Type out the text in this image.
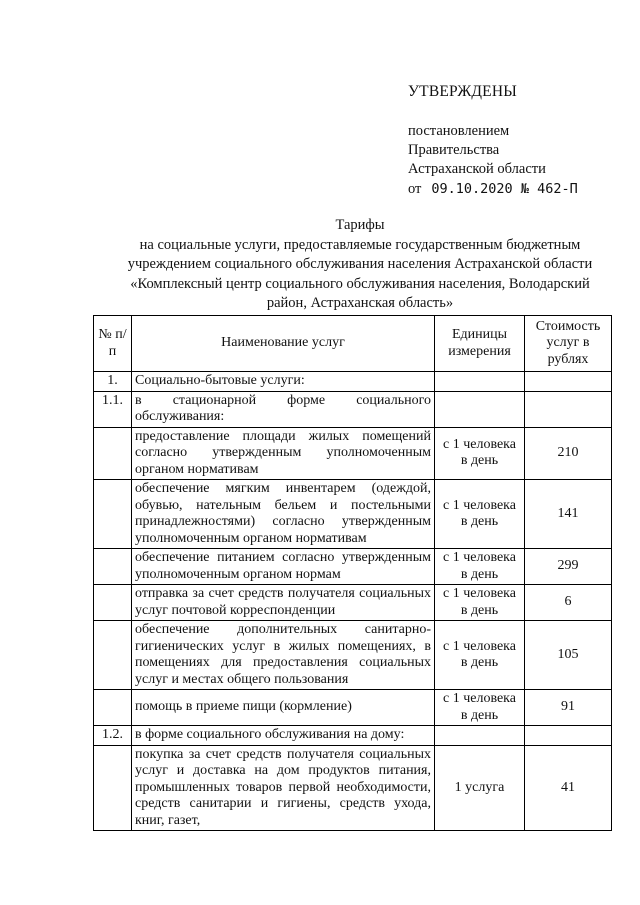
УТВЕРЖДЕНЫ
постановлением
Правительства
Астраханской области
от 09.10.2020 № 462-П
Тарифы
на социальные услуги, предоставляемые государственным бюджетным
учреждением социального обслуживания населения Астраханской области
«Комплексный центр социального обслуживания населения, Володарский
район, Астраханская область»
№ п/п	Наименование услуг	Единицы измерения	Стоимость услуг в рублях
1.	Социально-бытовые услуги:		
1.1.	в стационарной форме социального обслуживания:		
	предоставление площади жилых помещений согласно утвержденным уполномоченным органом нормативам	с 1 человека в день	210
	обеспечение мягким инвентарем (одеждой, обувью, нательным бельем и постельными принадлежностями) согласно утвержденным уполномоченным органом нормативам	с 1 человека в день	141
	обеспечение питанием согласно утвержденным уполномоченным органом нормам	с 1 человека в день	299
	отправка за счет средств получателя социальных услуг почтовой корреспонденции	с 1 человека в день	6
	обеспечение дополнительных санитарно-гигиенических услуг в жилых помещениях, в помещениях для предоставления социальных услуг и местах общего пользования	с 1 человека в день	105
	помощь в приеме пищи (кормление)	с 1 человека в день	91
1.2.	в форме социального обслуживания на дому:		
	покупка за счет средств получателя социальных услуг и доставка на дом продуктов питания, промышленных товаров первой необходимости, средств санитарии и гигиены, средств ухода, книг, газет,	1 услуга	41
